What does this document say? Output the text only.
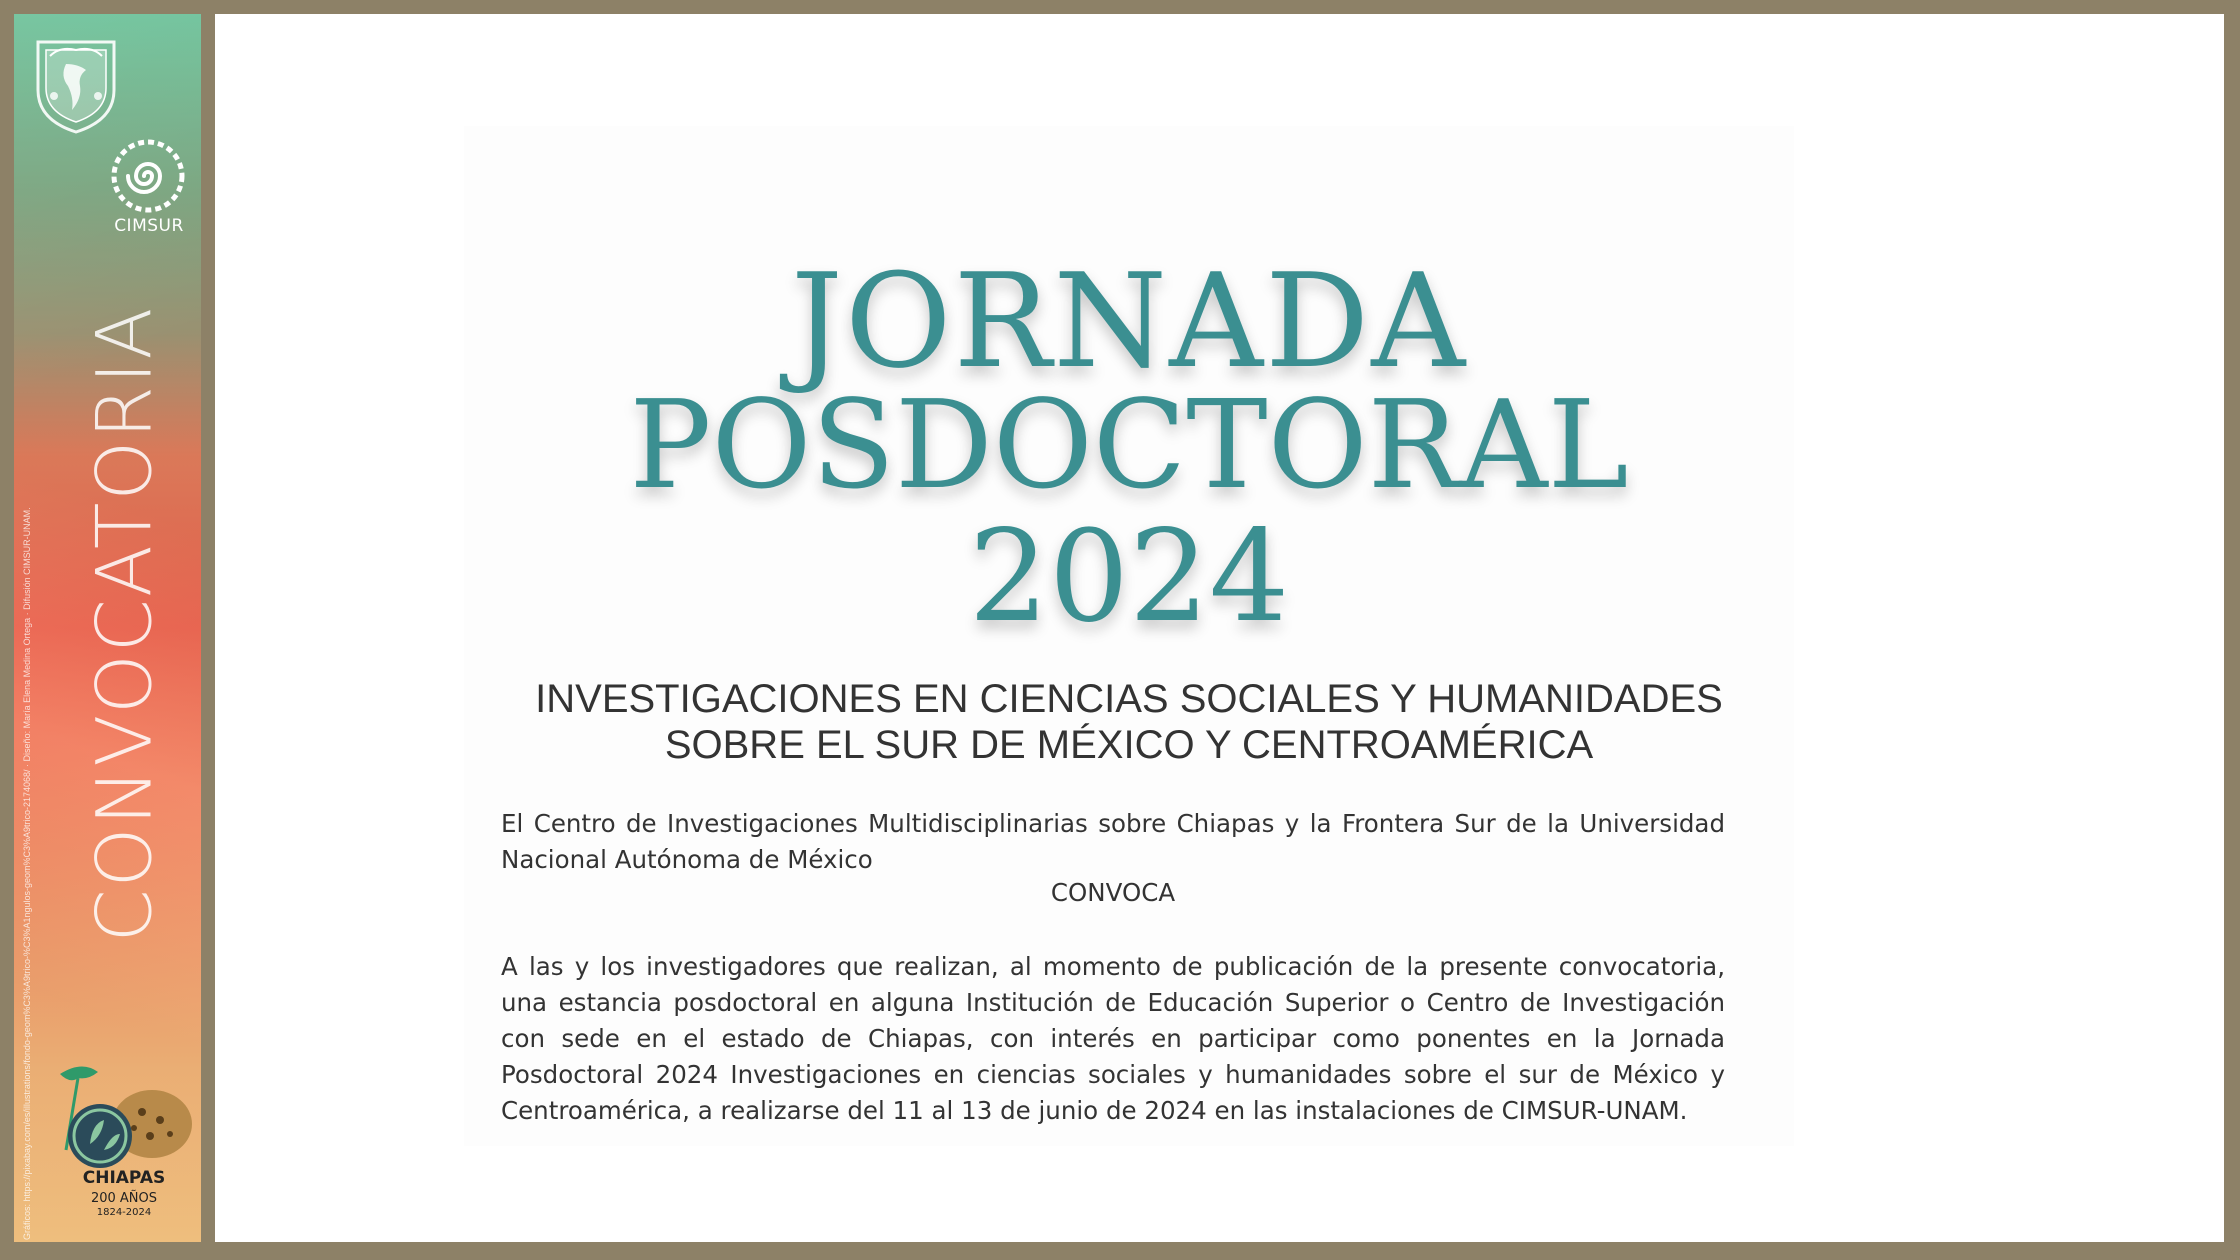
CIMSUR
CONVOCATORIA
Gráficos: https://pixabay.com/es/illustrations/fondo-geom%C3%A9trico-%C3%A1ngulos-geom%C3%A9trico-2174068/ · Diseño: María Elena Medina Ortega · Difusión CIMSUR-UNAM.	CHIAPAS
200 AÑOS
1824-2024
JORNADA
POSDOCTORAL
2024
INVESTIGACIONES EN CIENCIAS SOCIALES Y HUMANIDADES
SOBRE EL SUR DE MÉXICO Y CENTROAMÉRICA
El Centro de Investigaciones Multidisciplinarias sobre Chiapas y la Frontera Sur de la Universidad Nacional Autónoma de México
CONVOCA
A las y los investigadores que realizan, al momento de publicación de la presente convocatoria, una estancia posdoctoral en alguna Institución de Educación Superior o Centro de Investigación con sede en el estado de Chiapas, con interés en participar como ponentes en la Jornada Posdoctoral 2024 Investigaciones en ciencias sociales y humanidades sobre el sur de México y Centroamérica, a realizarse del 11 al 13 de junio de 2024 en las instalaciones de CIMSUR-UNAM.
